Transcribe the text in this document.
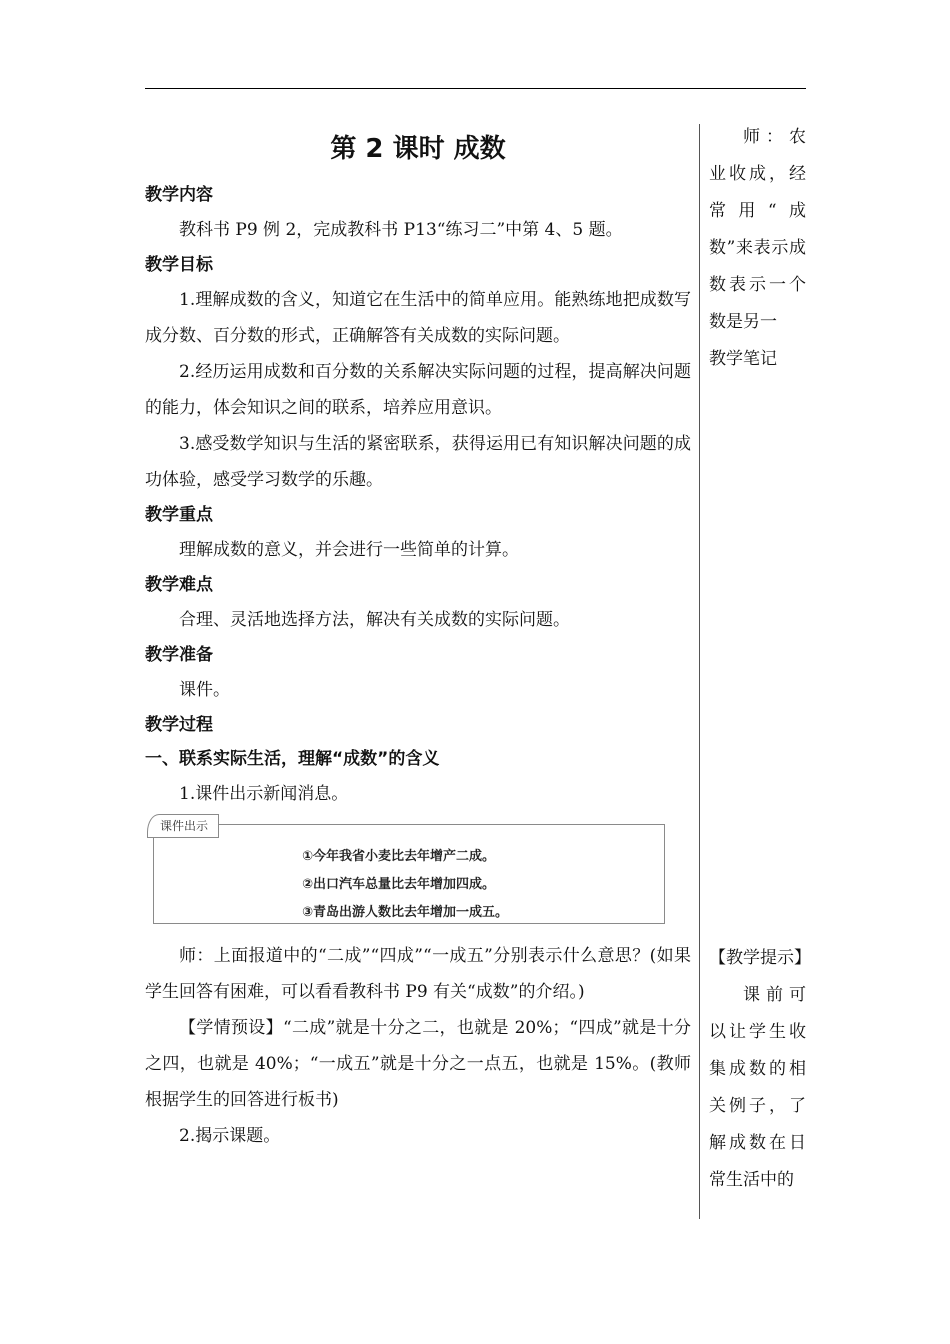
第 2 课时 成数
教学内容

教科书 P9 例 2，完成教科书 P13“练习二”中第 4、5 题。

教学目标

1.理解成数的含义，知道它在生活中的简单应用。能熟练地把成数写成分数、百分数的形式，正确解答有关成数的实际问题。

2.经历运用成数和百分数的关系解决实际问题的过程，提高解决问题的能力，体会知识之间的联系，培养应用意识。

3.感受数学知识与生活的紧密联系，获得运用已有知识解决问题的成功体验，感受学习数学的乐趣。

教学重点

理解成数的意义，并会进行一些简单的计算。

教学难点

合理、灵活地选择方法，解决有关成数的实际问题。

教学准备

课件。

教学过程
一、联系实际生活，理解“成数”的含义

1.课件出示新闻消息。

课件出示
①今年我省小麦比去年增产二成。
②出口汽车总量比去年增加四成。
③青岛出游人数比去年增加一成五。

师：上面报道中的“二成”“四成”“一成五”分别表示什么意思？(如果学生回答有困难，可以看看教科书 P9 有关“成数”的介绍。)

【学情预设】“二成”就是十分之二，也就是 20%；“四成”就是十分之四，也就是 40%；“一成五”就是十分之一点五，也就是 15%。(教师根据学生的回答进行板书)

2.揭示课题。

师：农业收成，经常用“成数”来表示成数表示一个数是另一

教学笔记

【教学提示】

课前可以让学生收集成数的相关例子，了解成数在日常生活中的
